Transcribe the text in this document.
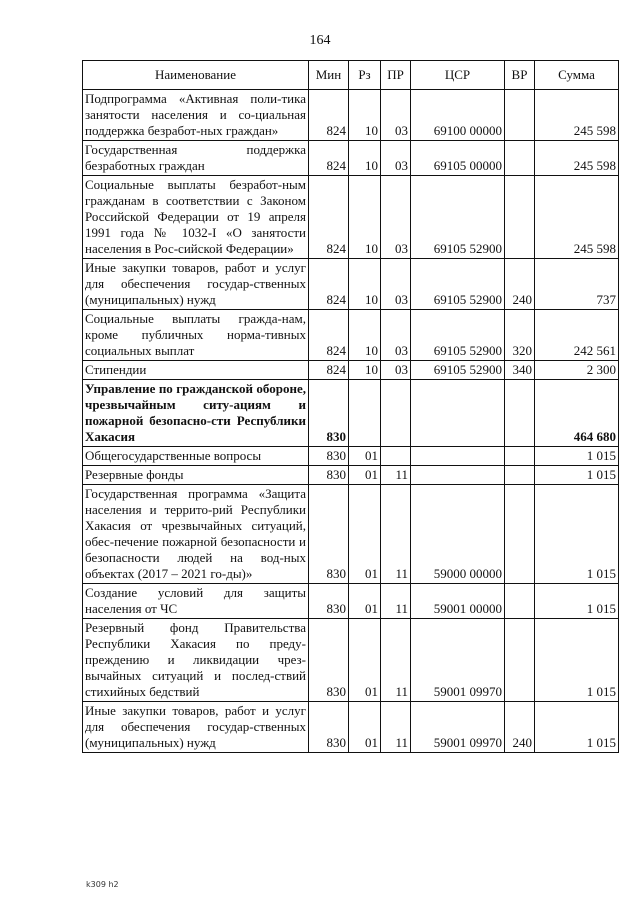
164
Наименование	Мин	Рз	ПР	ЦСР	ВР	Сумма
Подпрограмма «Активная поли-тика занятости населения и со-циальная поддержка безработ-ных граждан»	824	10	03	69100 00000		245 598
Государственная поддержка безработных граждан	824	10	03	69105 00000		245 598
Социальные выплаты безработ-ным гражданам в соответствии с Законом Российской Федерации от 19 апреля 1991 года № 1032-I «О занятости населения в Рос-сийской Федерации»	824	10	03	69105 52900		245 598
Иные закупки товаров, работ и услуг для обеспечения государ-ственных (муниципальных) нужд	824	10	03	69105 52900	240	737
Социальные выплаты гражда-нам, кроме публичных норма-тивных социальных выплат	824	10	03	69105 52900	320	242 561
Стипендии	824	10	03	69105 52900	340	2 300
Управление по гражданской обороне, чрезвычайным ситу-ациям и пожарной безопасно-сти Республики Хакасия	830					464 680
Общегосударственные вопросы	830	01				1 015
Резервные фонды	830	01	11			1 015
Государственная программа «Защита населения и террито-рий Республики Хакасия от чрезвычайных ситуаций, обес-печение пожарной безопасности и безопасности людей на вод-ных объектах (2017 – 2021 го-ды)»	830	01	11	59000 00000		1 015
Создание условий для защиты населения от ЧС	830	01	11	59001 00000		1 015
Резервный фонд Правительства Республики Хакасия по преду-преждению и ликвидации чрез-вычайных ситуаций и послед-ствий стихийных бедствий	830	01	11	59001 09970		1 015
Иные закупки товаров, работ и услуг для обеспечения государ-ственных (муниципальных) нужд	830	01	11	59001 09970	240	1 015
k309 h2
